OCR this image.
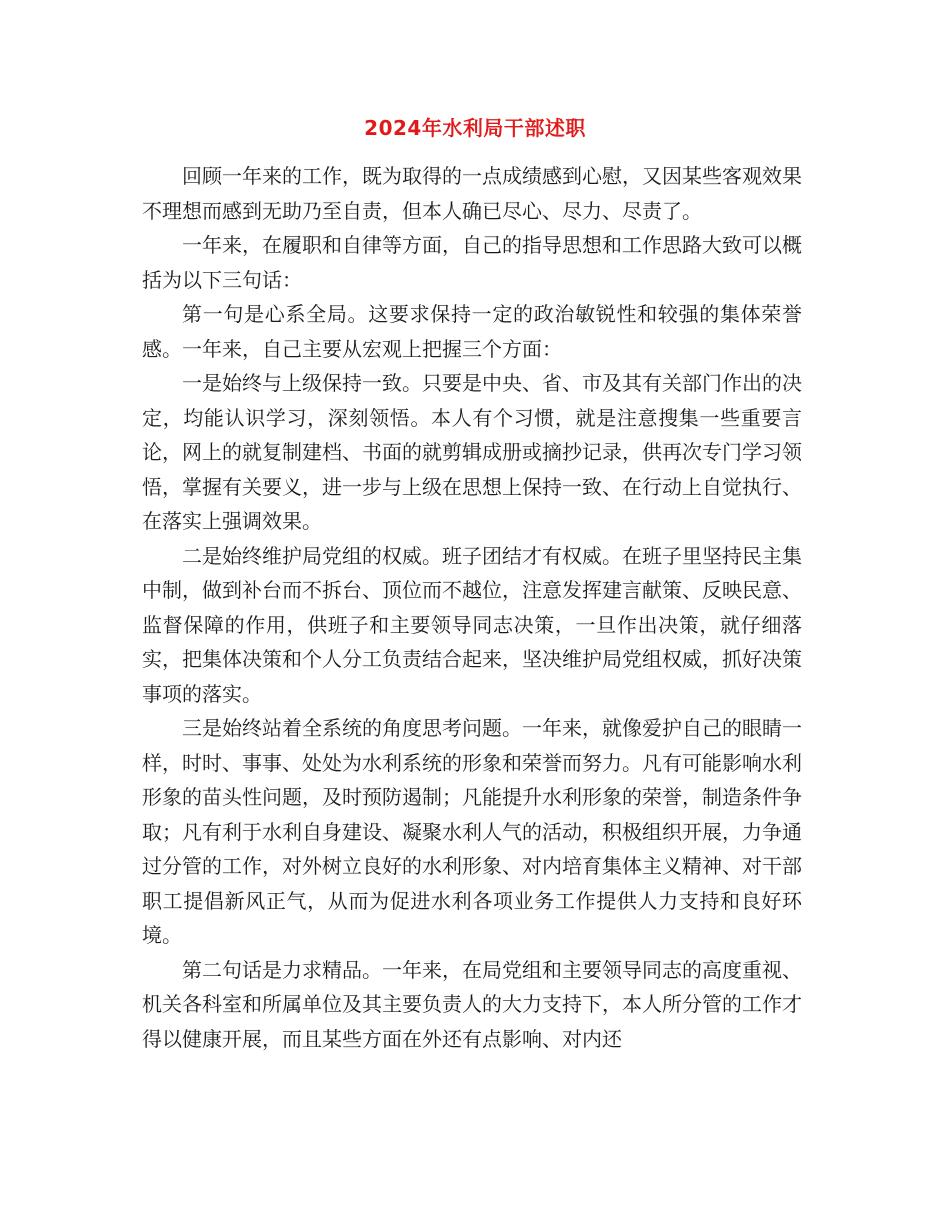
2024年水利局干部述职

回顾一年来的工作，既为取得的一点成绩感到心慰，又因某些客观效果不理想而感到无助乃至自责，但本人确已尽心、尽力、尽责了。

一年来，在履职和自律等方面，自己的指导思想和工作思路大致可以概括为以下三句话：

第一句是心系全局。这要求保持一定的政治敏锐性和较强的集体荣誉感。一年来，自己主要从宏观上把握三个方面：

一是始终与上级保持一致。只要是中央、省、市及其有关部门作出的决定，均能认识学习，深刻领悟。本人有个习惯，就是注意搜集一些重要言论，网上的就复制建档、书面的就剪辑成册或摘抄记录，供再次专门学习领悟，掌握有关要义，进一步与上级在思想上保持一致、在行动上自觉执行、在落实上强调效果。

二是始终维护局党组的权威。班子团结才有权威。在班子里坚持民主集中制，做到补台而不拆台、顶位而不越位，注意发挥建言献策、反映民意、监督保障的作用，供班子和主要领导同志决策，一旦作出决策，就仔细落实，把集体决策和个人分工负责结合起来，坚决维护局党组权威，抓好决策事项的落实。

三是始终站着全系统的角度思考问题。一年来，就像爱护自己的眼睛一样，时时、事事、处处为水利系统的形象和荣誉而努力。凡有可能影响水利形象的苗头性问题，及时预防遏制；凡能提升水利形象的荣誉，制造条件争取；凡有利于水利自身建设、凝聚水利人气的活动，积极组织开展，力争通过分管的工作，对外树立良好的水利形象、对内培育集体主义精神、对干部职工提倡新风正气，从而为促进水利各项业务工作提供人力支持和良好环境。

第二句话是力求精品。一年来，在局党组和主要领导同志的高度重视、机关各科室和所属单位及其主要负责人的大力支持下，本人所分管的工作才得以健康开展，而且某些方面在外还有点影响、对内还
